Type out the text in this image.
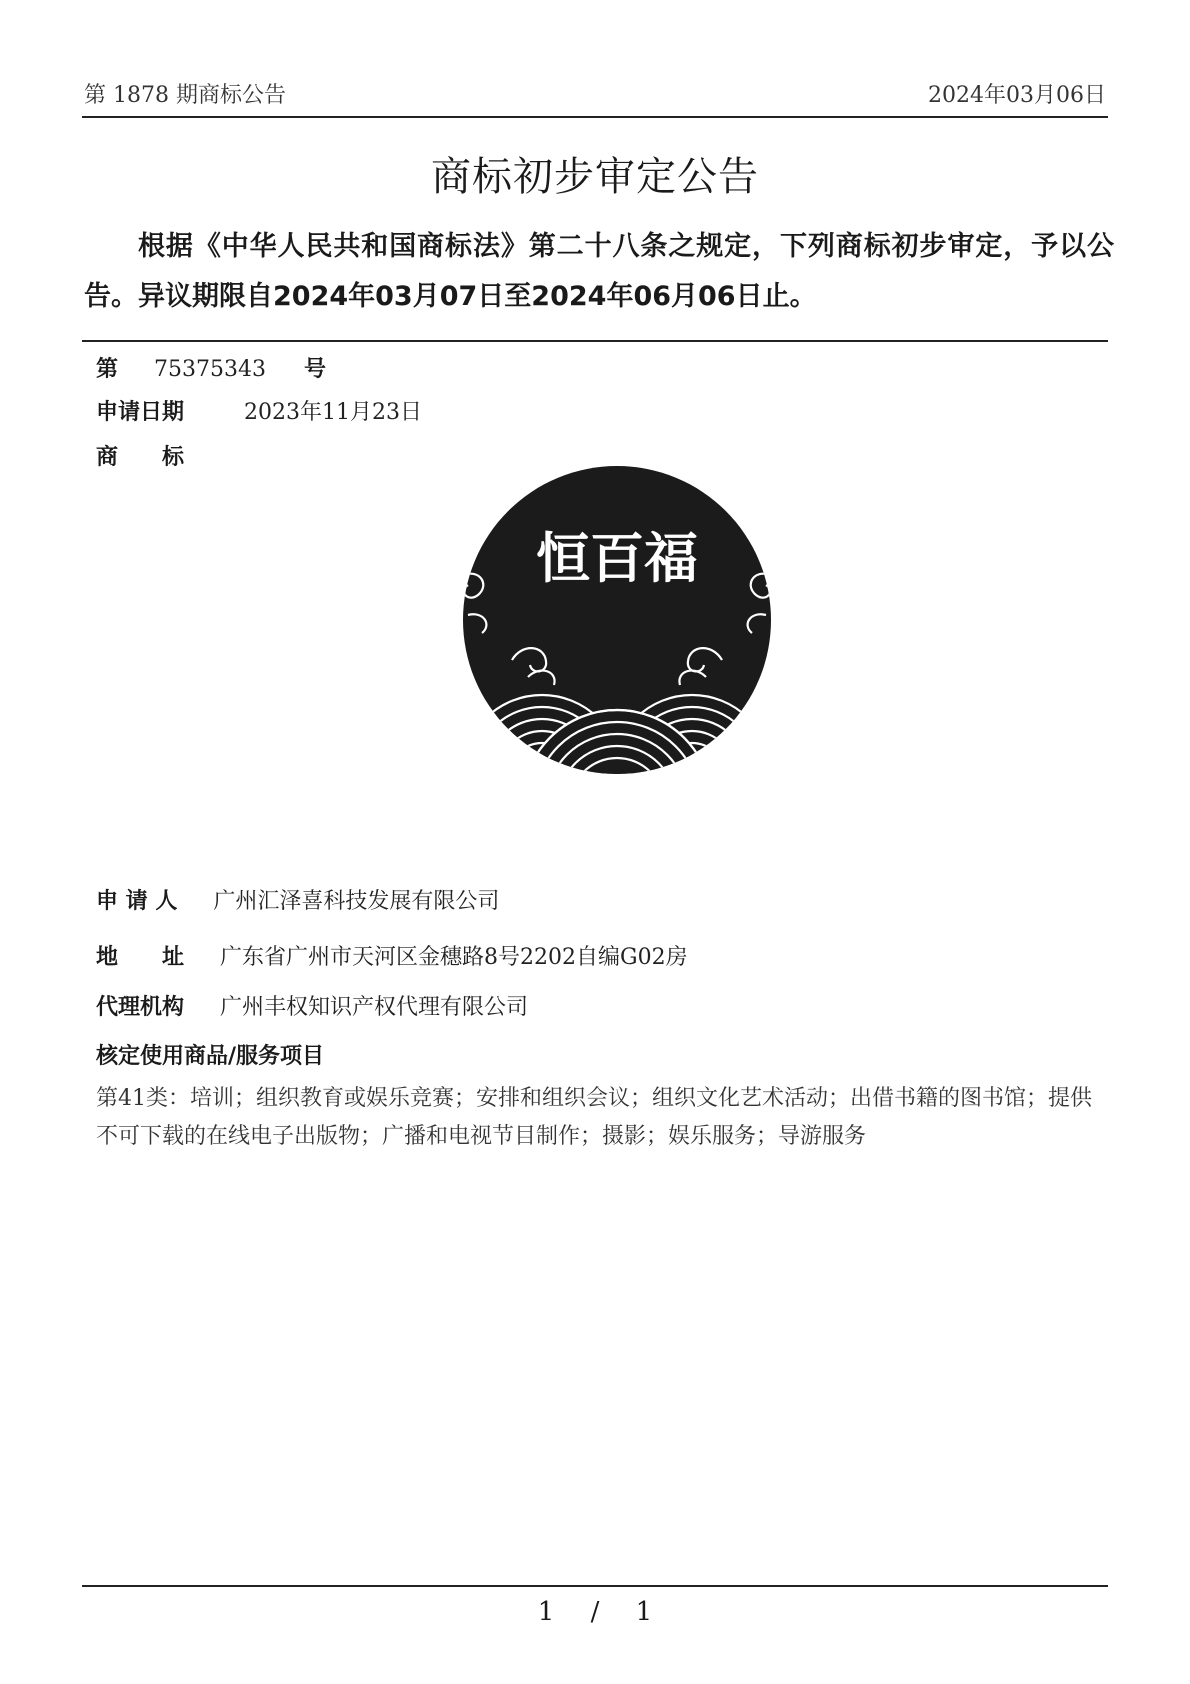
第 1878 期商标公告	2024年03月06日
商标初步审定公告
根据《中华人民共和国商标法》第二十八条之规定，下列商标初步审定，予以公告。异议期限自2024年03月07日至2024年06月06日止。
第 75375343 号
申请日期	2023年11月23日
商　　标
恒百福
申 请 人 广州汇泽喜科技发展有限公司
地　　址 广东省广州市天河区金穗路8号2202自编G02房
代理机构 广州丰权知识产权代理有限公司
核定使用商品/服务项目
第41类：培训；组织教育或娱乐竞赛；安排和组织会议；组织文化艺术活动；出借书籍的图书馆；提供不可下载的在线电子出版物；广播和电视节目制作；摄影；娱乐服务；导游服务
1 / 1
